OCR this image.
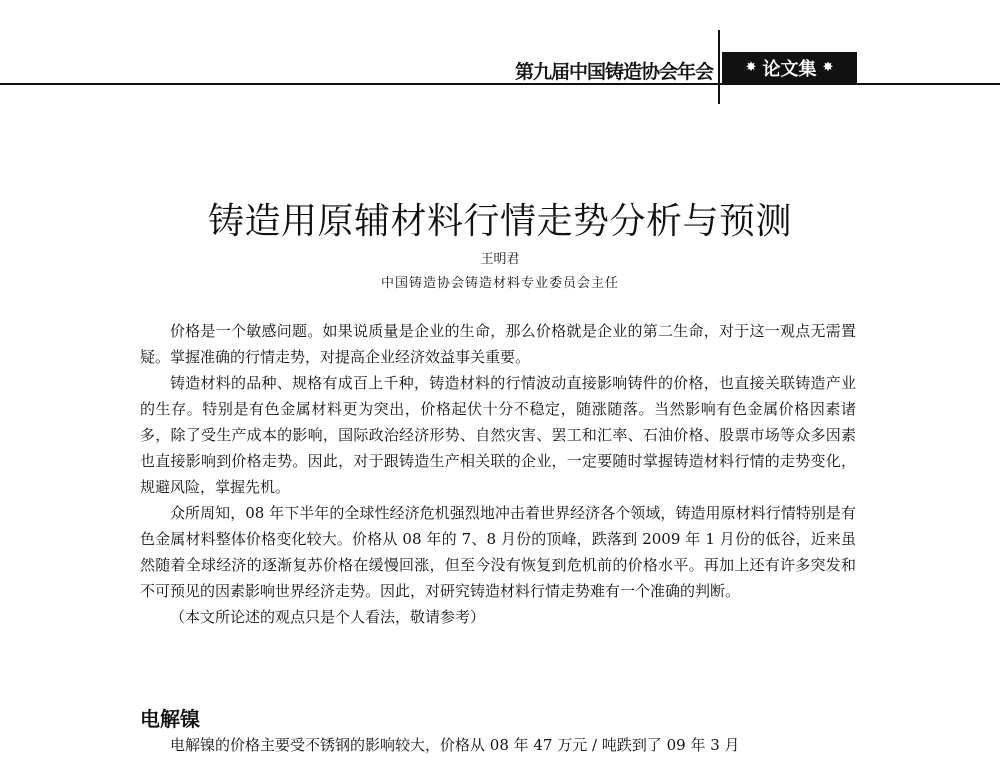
第九届中国铸造协会年会	✸ 论文集 ✸
铸造用原辅材料行情走势分析与预测
王明君
中国铸造协会铸造材料专业委员会主任

价格是一个敏感问题。如果说质量是企业的生命，那么价格就是企业的第二生命，对于这一观点无需置疑。掌握准确的行情走势，对提高企业经济效益事关重要。

铸造材料的品种、规格有成百上千种，铸造材料的行情波动直接影响铸件的价格，也直接关联铸造产业的生存。特别是有色金属材料更为突出，价格起伏十分不稳定，随涨随落。当然影响有色金属价格因素诸多，除了受生产成本的影响，国际政治经济形势、自然灾害、罢工和汇率、石油价格、股票市场等众多因素也直接影响到价格走势。因此，对于跟铸造生产相关联的企业，一定要随时掌握铸造材料行情的走势变化，规避风险，掌握先机。

众所周知，08 年下半年的全球性经济危机强烈地冲击着世界经济各个领域，铸造用原材料行情特别是有色金属材料整体价格变化较大。价格从 08 年的 7、8 月份的顶峰，跌落到 2009 年 1 月份的低谷，近来虽然随着全球经济的逐渐复苏价格在缓慢回涨，但至今没有恢复到危机前的价格水平。再加上还有许多突发和不可预见的因素影响世界经济走势。因此，对研究铸造材料行情走势难有一个准确的判断。

（本文所论述的观点只是个人看法，敬请参考）

电解镍

电解镍的价格主要受不锈钢的影响较大，价格从 08 年 47 万元 / 吨跌到了 09 年 3 月
